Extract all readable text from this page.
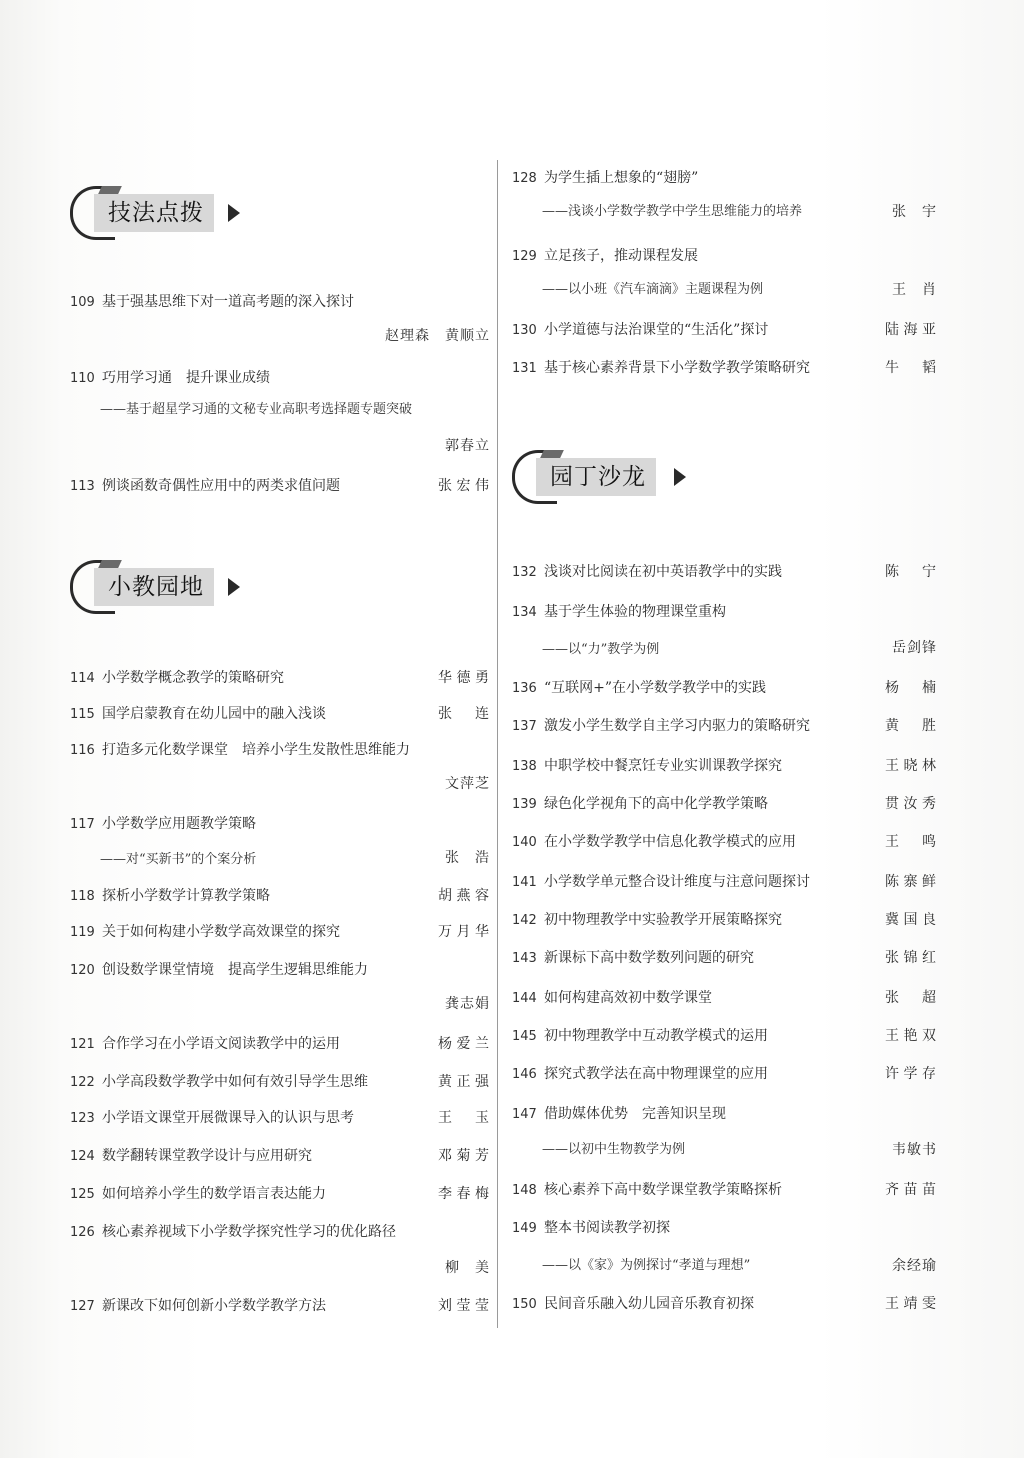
技法点拨
109 基于强基思维下对一道高考题的深入探讨
赵理森　黄顺立
110 巧用学习通　提升课业成绩
——基于超星学习通的文秘专业高职考选择题专题突破
郭春立
113 例谈函数奇偶性应用中的两类求值问题	张宏伟
小教园地
114 小学数学概念教学的策略研究	华德勇
115 国学启蒙教育在幼儿园中的融入浅谈	张　连
116 打造多元化数学课堂　培养小学生发散性思维能力
文萍芝
117 小学数学应用题教学策略
——对“买新书”的个案分析	张　浩
118 探析小学数学计算教学策略	胡燕容
119 关于如何构建小学数学高效课堂的探究	万月华
120 创设数学课堂情境　提高学生逻辑思维能力
龚志娟
121 合作学习在小学语文阅读教学中的运用	杨爱兰
122 小学高段数学教学中如何有效引导学生思维	黄正强
123 小学语文课堂开展微课导入的认识与思考	王　玉
124 数学翻转课堂教学设计与应用研究	邓菊芳
125 如何培养小学生的数学语言表达能力	李春梅
126 核心素养视域下小学数学探究性学习的优化路径
柳　美
127 新课改下如何创新小学数学教学方法	刘莹莹
128 为学生插上想象的“翅膀”
——浅谈小学数学教学中学生思维能力的培养	张　宇
129 立足孩子，推动课程发展
——以小班《汽车滴滴》主题课程为例	王　肖
130 小学道德与法治课堂的“生活化”探讨	陆海亚
131 基于核心素养背景下小学数学教学策略研究	牛　韬
园丁沙龙
132 浅谈对比阅读在初中英语教学中的实践	陈　宁
134 基于学生体验的物理课堂重构
——以“力”教学为例	岳剑锋
136 “互联网+”在小学数学教学中的实践	杨　楠
137 激发小学生数学自主学习内驱力的策略研究	黄　胜
138 中职学校中餐烹饪专业实训课教学探究	王晓林
139 绿色化学视角下的高中化学教学策略	贯汝秀
140 在小学数学教学中信息化教学模式的应用	王　鸣
141 小学数学单元整合设计维度与注意问题探讨	陈寨鲜
142 初中物理教学中实验教学开展策略探究	冀国良
143 新课标下高中数学数列问题的研究	张锦红
144 如何构建高效初中数学课堂	张　超
145 初中物理教学中互动教学模式的运用	王艳双
146 探究式教学法在高中物理课堂的应用	许学存
147 借助媒体优势　完善知识呈现
——以初中生物教学为例	韦敏书
148 核心素养下高中数学课堂教学策略探析	齐苗苗
149 整本书阅读教学初探
——以《家》为例探讨“孝道与理想”	余经瑜
150 民间音乐融入幼儿园音乐教育初探	王靖雯
